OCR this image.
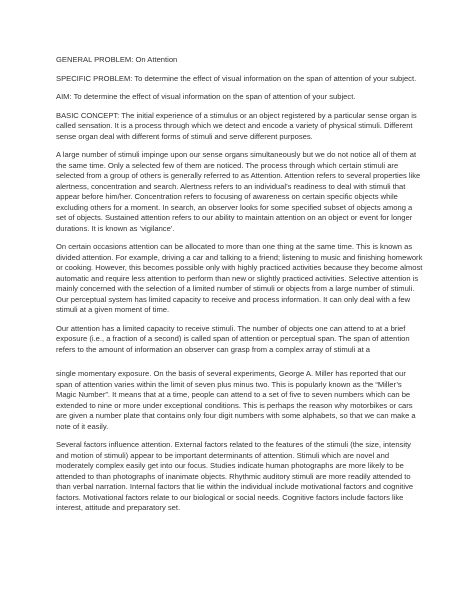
GENERAL PROBLEM: On Attention

SPECIFIC PROBLEM: To determine the effect of visual information on the span of attention of your subject.

AIM: To determine the effect of visual information on the span of attention of your subject.

BASIC CONCEPT: The initial experience of a stimulus or an object registered by a particular sense organ is called sensation. It is a process through which we detect and encode a variety of physical stimuli. Different sense organ deal with different forms of stimuli and serve different purposes.

A large number of stimuli impinge upon our sense organs simultaneously but we do not notice all of them at the same time. Only a selected few of them are noticed. The process through which certain stimuli are selected from a group of others is generally referred to as Attention. Attention refers to several properties like alertness, concentration and search. Alertness refers to an individual’s readiness to deal with stimuli that appear before him/her. Concentration refers to focusing of awareness on certain specific objects while excluding others for a moment. In search, an observer looks for some specified subset of objects among a set of objects. Sustained attention refers to our ability to maintain attention on an object or event for longer durations. It is known as ‘vigilance’.

On certain occasions attention can be allocated to more than one thing at the same time. This is known as divided attention. For example, driving a car and talking to a friend; listening to music and finishing homework or cooking. However, this becomes possible only with highly practiced activities because they become almost automatic and require less attention to perform than new or slightly practiced activities. Selective attention is mainly concerned with the selection of a limited number of stimuli or objects from a large number of stimuli. Our perceptual system has limited capacity to receive and process information. It can only deal with a few stimuli at a given moment of time.

Our attention has a limited capacity to receive stimuli. The number of objects one can attend to at a brief exposure (i.e., a fraction of a second) is called span of attention or perceptual span. The span of attention refers to the amount of information an observer can grasp from a complex array of stimuli at a

single momentary exposure. On the basis of several experiments, George A. Miller has reported that our span of attention varies within the limit of seven plus minus two. This is popularly known as the “Miller’s Magic Number”. It means that at a time, people can attend to a set of five to seven numbers which can be extended to nine or more under exceptional conditions. This is perhaps the reason why motorbikes or cars are given a number plate that contains only four digit numbers with some alphabets, so that we can make a note of it easily.

Several factors influence attention. External factors related to the features of the stimuli (the size, intensity and motion of stimuli) appear to be important determinants of attention. Stimuli which are novel and moderately complex easily get into our focus. Studies indicate human photographs are more likely to be attended to than photographs of inanimate objects. Rhythmic auditory stimuli are more readily attended to than verbal narration. Internal factors that lie within the individual include motivational factors and cognitive factors. Motivational factors relate to our biological or social needs. Cognitive factors include factors like interest, attitude and preparatory set.
